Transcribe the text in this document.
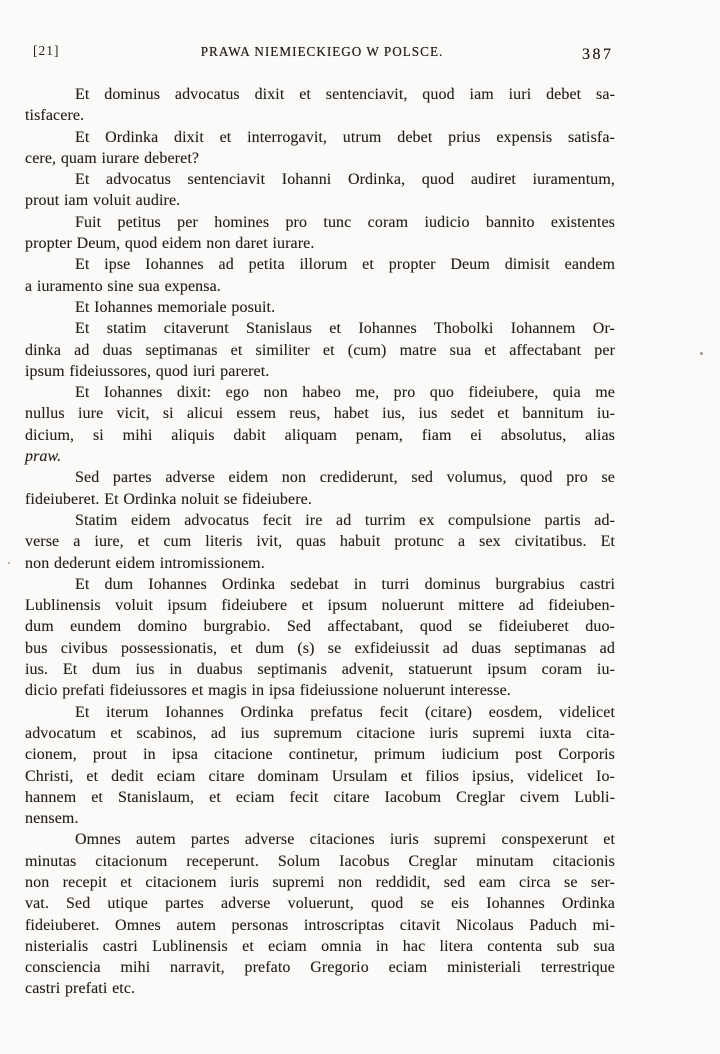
[21]	PRAWA NIEMIECKIEGO W POLSCE.	387
Et dominus advocatus dixit et sentenciavit, quod iam iuri debet sa-
tisfacere.
Et Ordinka dixit et interrogavit, utrum debet prius expensis satisfa-
cere, quam iurare deberet?
Et advocatus sentenciavit Iohanni Ordinka, quod audiret iuramentum,
prout iam voluit audire.
Fuit petitus per homines pro tunc coram iudicio bannito existentes
propter Deum, quod eidem non daret iurare.
Et ipse Iohannes ad petita illorum et propter Deum dimisit eandem
a iuramento sine sua expensa.
Et Iohannes memoriale posuit.
Et statim citaverunt Stanislaus et Iohannes Thobolki Iohannem Or-
dinka ad duas septimanas et similiter et (cum) matre sua et affectabant per
ipsum fideiussores, quod iuri pareret.
Et Iohannes dixit: ego non habeo me, pro quo fideiubere, quia me
nullus iure vicit, si alicui essem reus, habet ius, ius sedet et bannitum iu-
dicium, si mihi aliquis dabit aliquam penam, fiam ei absolutus, alias
praw.
Sed partes adverse eidem non crediderunt, sed volumus, quod pro se
fideiuberet. Et Ordinka noluit se fideiubere.
Statim eidem advocatus fecit ire ad turrim ex compulsione partis ad-
verse a iure, et cum literis ivit, quas habuit protunc a sex civitatibus. Et
non dederunt eidem intromissionem.
Et dum Iohannes Ordinka sedebat in turri dominus burgrabius castri
Lublinensis voluit ipsum fideiubere et ipsum noluerunt mittere ad fideiuben-
dum eundem domino burgrabio. Sed affectabant, quod se fideiuberet duo-
bus civibus possessionatis, et dum (s) se exfideiussit ad duas septimanas ad
ius. Et dum ius in duabus septimanis advenit, statuerunt ipsum coram iu-
dicio prefati fideiussores et magis in ipsa fideiussione noluerunt interesse.
Et iterum Iohannes Ordinka prefatus fecit (citare) eosdem, videlicet
advocatum et scabinos, ad ius supremum citacione iuris supremi iuxta cita-
cionem, prout in ipsa citacione continetur, primum iudicium post Corporis
Christi, et dedit eciam citare dominam Ursulam et filios ipsius, videlicet Io-
hannem et Stanislaum, et eciam fecit citare Iacobum Creglar civem Lubli-
nensem.
Omnes autem partes adverse citaciones iuris supremi conspexerunt et
minutas citacionum receperunt. Solum Iacobus Creglar minutam citacionis
non recepit et citacionem iuris supremi non reddidit, sed eam circa se ser-
vat. Sed utique partes adverse voluerunt, quod se eis Iohannes Ordinka
fideiuberet. Omnes autem personas introscriptas citavit Nicolaus Paduch mi-
nisterialis castri Lublinensis et eciam omnia in hac litera contenta sub sua
consciencia mihi narravit, prefato Gregorio eciam ministeriali terrestrique
castri prefati etc.
